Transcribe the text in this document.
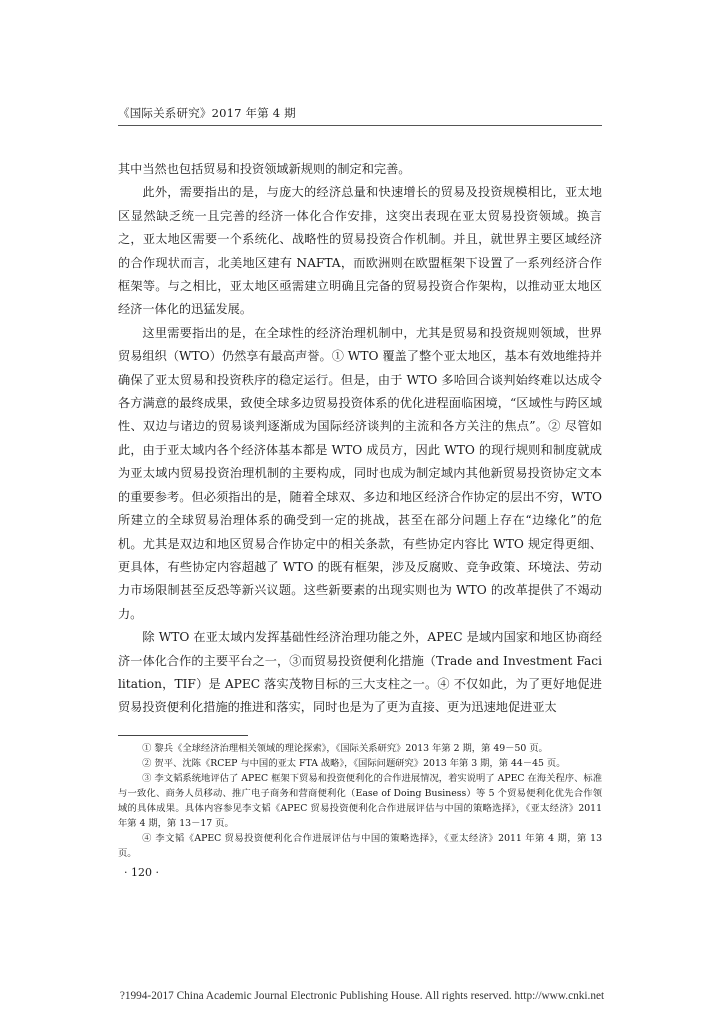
《国际关系研究》2017 年第 4 期

其中当然也包括贸易和投资领域新规则的制定和完善。

此外，需要指出的是，与庞大的经济总量和快速增长的贸易及投资规模相比，亚太地区显然缺乏统一且完善的经济一体化合作安排，这突出表现在亚太贸易投资领域。换言之，亚太地区需要一个系统化、战略性的贸易投资合作机制。并且，就世界主要区域经济的合作现状而言，北美地区建有 NAFTA，而欧洲则在欧盟框架下设置了一系列经济合作框架等。与之相比，亚太地区亟需建立明确且完备的贸易投资合作架构，以推动亚太地区经济一体化的迅猛发展。

这里需要指出的是，在全球性的经济治理机制中，尤其是贸易和投资规则领域，世界贸易组织（WTO）仍然享有最高声誉。① WTO 覆盖了整个亚太地区，基本有效地维持并确保了亚太贸易和投资秩序的稳定运行。但是，由于 WTO 多哈回合谈判始终难以达成令各方满意的最终成果，致使全球多边贸易投资体系的优化进程面临困境，“区域性与跨区域性、双边与诸边的贸易谈判逐渐成为国际经济谈判的主流和各方关注的焦点”。② 尽管如此，由于亚太域内各个经济体基本都是 WTO 成员方，因此 WTO 的现行规则和制度就成为亚太域内贸易投资治理机制的主要构成，同时也成为制定域内其他新贸易投资协定文本的重要参考。但必须指出的是，随着全球双、多边和地区经济合作协定的层出不穷，WTO 所建立的全球贸易治理体系的确受到一定的挑战，甚至在部分问题上存在“边缘化”的危机。尤其是双边和地区贸易合作协定中的相关条款，有些协定内容比 WTO 规定得更细、更具体，有些协定内容超越了 WTO 的既有框架，涉及反腐败、竞争政策、环境法、劳动力市场限制甚至反恐等新兴议题。这些新要素的出现实则也为 WTO 的改革提供了不竭动力。

除 WTO 在亚太域内发挥基础性经济治理功能之外，APEC 是域内国家和地区协商经济一体化合作的主要平台之一，③而贸易投资便利化措施（Trade and Investment Facilitation，TIF）是 APEC 落实茂物目标的三大支柱之一。④ 不仅如此，为了更好地促进贸易投资便利化措施的推进和落实，同时也是为了更为直接、更为迅速地促进亚太

① 黎兵《全球经济治理相关领域的理论探索》，《国际关系研究》2013 年第 2 期，第 49－50 页。

② 贺平、沈陈《RCEP 与中国的亚太 FTA 战略》，《国际问题研究》2013 年第 3 期，第 44－45 页。

③ 李文韬系统地评估了 APEC 框架下贸易和投资便利化的合作进展情况，着实说明了 APEC 在海关程序、标准与一致化、商务人员移动、推广电子商务和营商便利化（Ease of Doing Business）等 5 个贸易便利化优先合作领域的具体成果。具体内容参见李文韬《APEC 贸易投资便利化合作进展评估与中国的策略选择》，《亚太经济》2011 年第 4 期，第 13－17 页。

④ 李文韬《APEC 贸易投资便利化合作进展评估与中国的策略选择》，《亚太经济》2011 年第 4 期，第 13 页。

· 120 ·
?1994-2017 China Academic Journal Electronic Publishing House. All rights reserved. http://www.cnki.net
